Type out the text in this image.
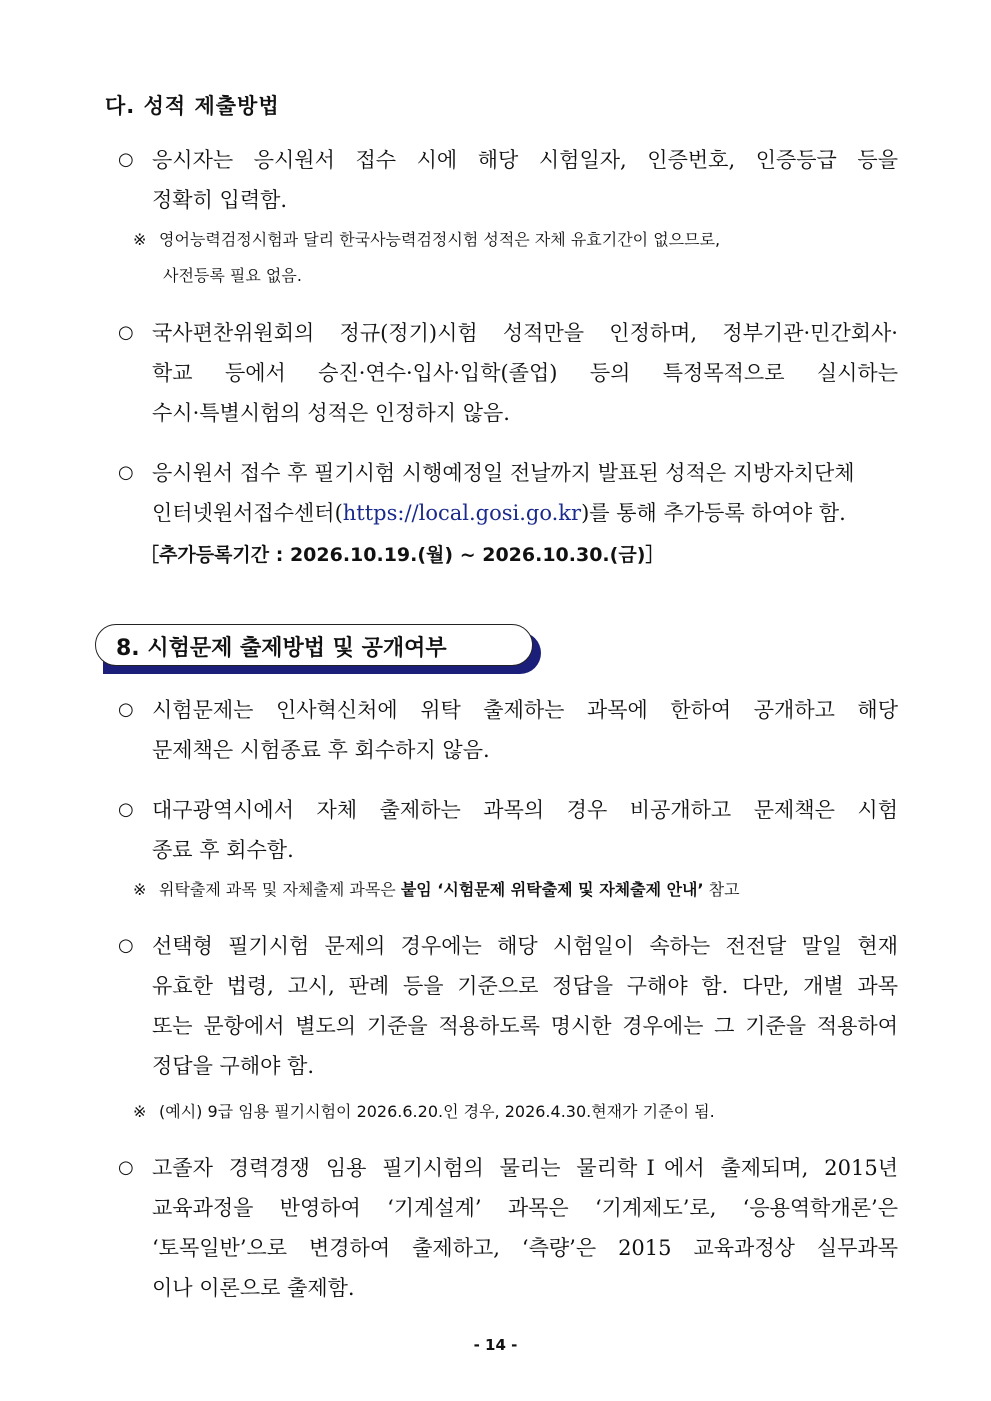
다. 성적 제출방법
○ 응시자는 응시원서 접수 시에 해당 시험일자, 인증번호, 인증등급 등을
정확히 입력함.
※ 영어능력검정시험과 달리 한국사능력검정시험 성적은 자체 유효기간이 없으므로,
사전등록 필요 없음.
○ 국사편찬위원회의 정규(정기)시험 성적만을 인정하며, 정부기관·민간회사·
학교 등에서 승진·연수·입사·입학(졸업) 등의 특정목적으로 실시하는
수시·특별시험의 성적은 인정하지 않음.
○ 응시원서 접수 후 필기시험 시행예정일 전날까지 발표된 성적은 지방자치단체
인터넷원서접수센터(https://local.gosi.go.kr)를 통해 추가등록 하여야 함.
［추가등록기간 : 2026.10.19.(월) ~ 2026.10.30.(금)］
8. 시험문제 출제방법 및 공개여부
○ 시험문제는 인사혁신처에 위탁 출제하는 과목에 한하여 공개하고 해당
문제책은 시험종료 후 회수하지 않음.
○ 대구광역시에서 자체 출제하는 과목의 경우 비공개하고 문제책은 시험
종료 후 회수함.
※ 위탁출제 과목 및 자체출제 과목은 붙임 ‘시험문제 위탁출제 및 자체출제 안내’ 참고
○ 선택형 필기시험 문제의 경우에는 해당 시험일이 속하는 전전달 말일 현재
유효한 법령, 고시, 판례 등을 기준으로 정답을 구해야 함. 다만, 개별 과목
또는 문항에서 별도의 기준을 적용하도록 명시한 경우에는 그 기준을 적용하여
정답을 구해야 함.
※ (예시) 9급 임용 필기시험이 2026.6.20.인 경우, 2026.4.30.현재가 기준이 됨.
○ 고졸자 경력경쟁 임용 필기시험의 물리는 물리학Ⅰ에서 출제되며, 2015년
교육과정을 반영하여 ‘기계설계’ 과목은 ‘기계제도’로, ‘응용역학개론’은
‘토목일반’으로 변경하여 출제하고, ‘측량’은 2015 교육과정상 실무과목
이나 이론으로 출제함.
- 14 -
